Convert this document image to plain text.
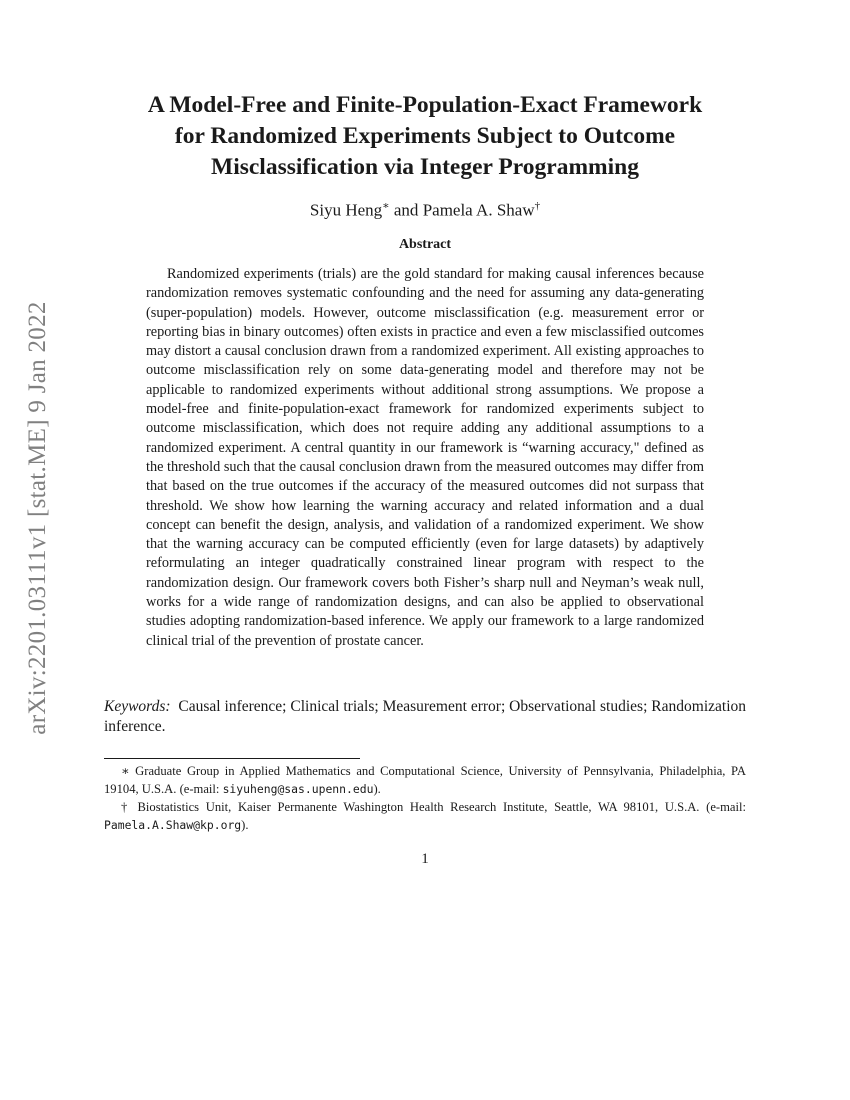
arXiv:2201.03111v1 [stat.ME] 9 Jan 2022
A Model-Free and Finite-Population-Exact Framework
for Randomized Experiments Subject to Outcome
Misclassification via Integer Programming
Siyu Heng∗ and Pamela A. Shaw†
Abstract

Randomized experiments (trials) are the gold standard for making causal inferences because randomization removes systematic confounding and the need for assuming any data-generating (super-population) models. However, outcome misclassification (e.g. measurement error or reporting bias in binary outcomes) often exists in practice and even a few misclassified outcomes may distort a causal conclusion drawn from a randomized experiment. All existing approaches to outcome misclassification rely on some data-generating model and therefore may not be applicable to randomized experiments without additional strong assumptions. We propose a model-free and finite-population-exact framework for randomized experiments subject to outcome misclassification, which does not require adding any additional assumptions to a randomized experiment. A central quantity in our framework is “warning accuracy," defined as the threshold such that the causal conclusion drawn from the measured outcomes may differ from that based on the true outcomes if the accuracy of the measured outcomes did not surpass that threshold. We show how learning the warning accuracy and related information and a dual concept can benefit the design, analysis, and validation of a randomized experiment. We show that the warning accuracy can be computed efficiently (even for large datasets) by adaptively reformulating an integer quadratically constrained linear program with respect to the randomization design. Our framework covers both Fisher’s sharp null and Neyman’s weak null, works for a wide range of randomization designs, and can also be applied to observational studies adopting randomization-based inference. We apply our framework to a large randomized clinical trial of the prevention of prostate cancer.

Keywords: Causal inference; Clinical trials; Measurement error; Observational studies; Randomization inference.

∗ Graduate Group in Applied Mathematics and Computational Science, University of Pennsylvania, Philadelphia, PA 19104, U.S.A. (e-mail: siyuheng@sas.upenn.edu).

† Biostatistics Unit, Kaiser Permanente Washington Health Research Institute, Seattle, WA 98101, U.S.A. (e-mail: Pamela.A.Shaw@kp.org).

1
